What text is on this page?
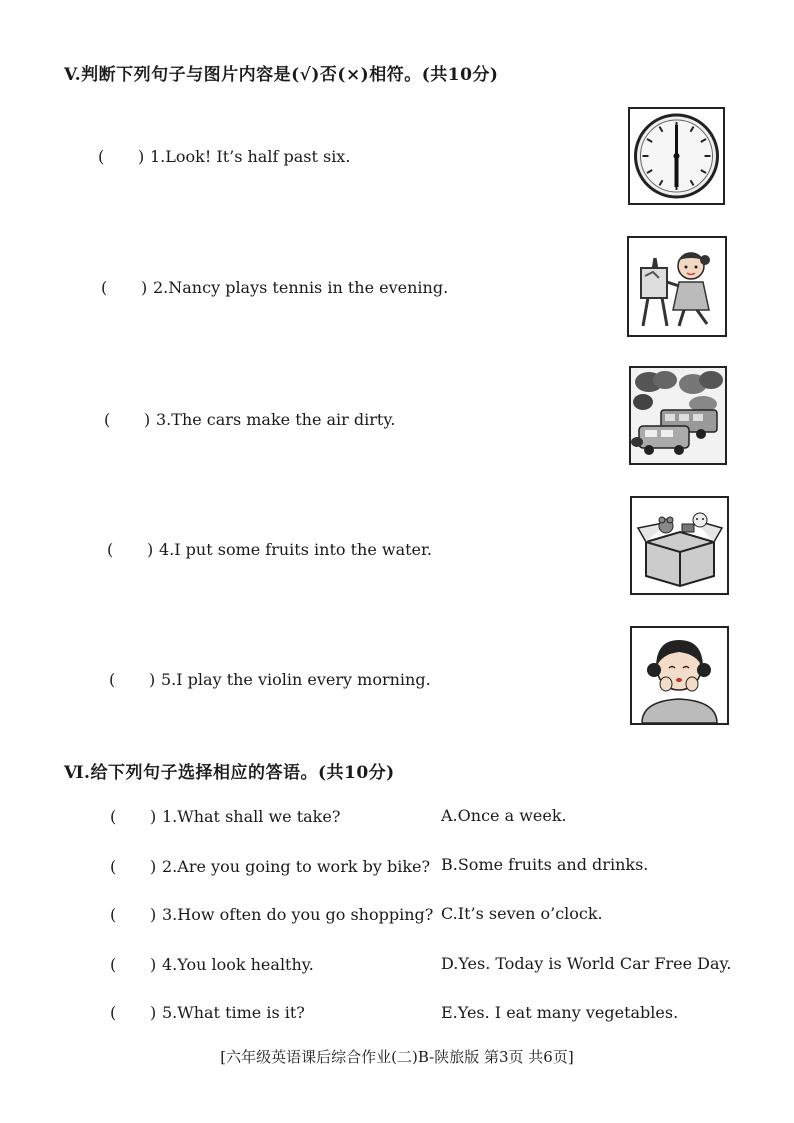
V.判断下列句子与图片内容是(√)否(×)相符。(共10分)
( ) 1.Look! It’s half past six.
( ) 2.Nancy plays tennis in the evening.
( ) 3.The cars make the air dirty.
( ) 4.I put some fruits into the water.
( ) 5.I play the violin every morning.
Ⅵ.给下列句子选择相应的答语。(共10分)
( ) 1.What shall we take?	A.Once a week.
( ) 2.Are you going to work by bike? B.Some fruits and drinks.
( ) 3.How often do you go shopping? C.It’s seven o’clock.
( ) 4.You look healthy.	D.Yes. Today is World Car Free Day.
( ) 5.What time is it?	E.Yes. I eat many vegetables.
[六年级英语课后综合作业(二)B-陕旅版 第3页 共6页]
